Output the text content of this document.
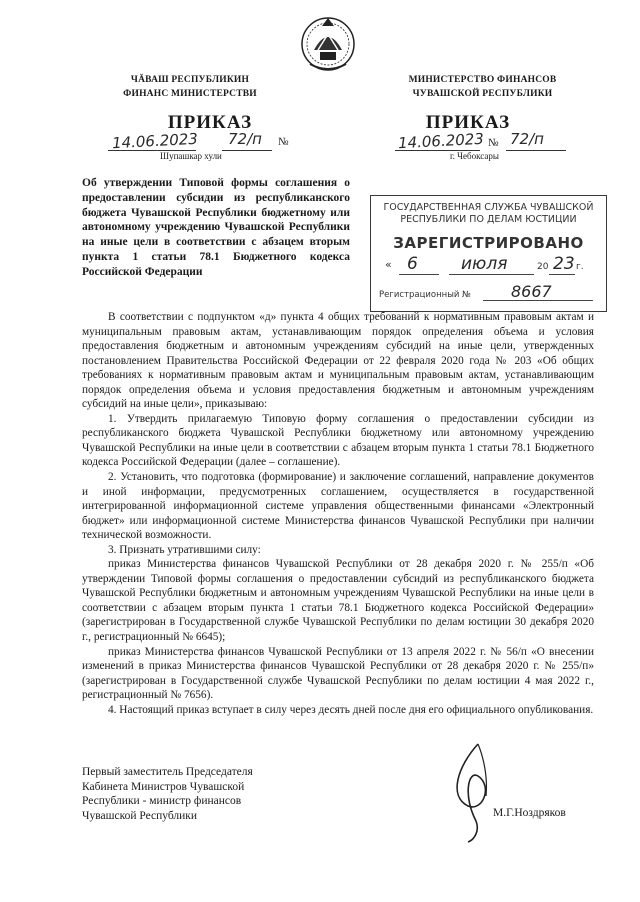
ЧĂВАШ РЕСПУБЛИКИН
ФИНАНС МИНИСТЕРСТВИ
МИНИСТЕРСТВО ФИНАНСОВ
ЧУВАШСКОЙ РЕСПУБЛИКИ
ПРИКАЗ	ПРИКАЗ
14.06.2023 72/п №
Шупашкар хули
14.06.2023 № 72/п
г. Чебоксары
Об утверждении Типовой формы соглашения о предоставлении субсидии из республиканского бюджета Чувашской Республики бюджетному или автономному учреждению Чувашской Республики на иные цели в соответствии с абзацем вторым пункта 1 статьи 78.1 Бюджетного кодекса Российской Федерации
ГОСУДАРСТВЕННАЯ СЛУЖБА ЧУВАШСКОЙ
РЕСПУБЛИКИ ПО ДЕЛАМ ЮСТИЦИИ
ЗАРЕГИСТРИРОВАНО
« 6	июля	20 23 г.
Регистрационный №	8667

В соответствии с подпунктом «д» пункта 4 общих требований к нормативным правовым актам и муниципальным правовым актам, устанавливающим порядок определения объема и условия предоставления бюджетным и автономным учреждениям субсидий на иные цели, утвержденных постановлением Правительства Российской Федерации от 22 февраля 2020 года № 203 «Об общих требованиях к нормативным правовым актам и муниципальным правовым актам, устанавливающим порядок определения объема и условия предоставления бюджетным и автономным учреждениям субсидий на иные цели», приказываю:

1. Утвердить прилагаемую Типовую форму соглашения о предоставлении субсидии из республиканского бюджета Чувашской Республики бюджетному или автономному учреждению Чувашской Республики на иные цели в соответствии с абзацем вторым пункта 1 статьи 78.1 Бюджетного кодекса Российской Федерации (далее – соглашение).

2. Установить, что подготовка (формирование) и заключение соглашений, направление документов и иной информации, предусмотренных соглашением, осуществляется в государственной интегрированной информационной системе управления общественными финансами «Электронный бюджет» или информационной системе Министерства финансов Чувашской Республики при наличии технической возможности.

3. Признать утратившими силу:

приказ Министерства финансов Чувашской Республики от 28 декабря 2020 г. № 255/п «Об утверждении Типовой формы соглашения о предоставлении субсидий из республиканского бюджета Чувашской Республики бюджетным и автономным учреждениям Чувашской Республики на иные цели в соответствии с абзацем вторым пункта 1 статьи 78.1 Бюджетного кодекса Российской Федерации» (зарегистрирован в Государственной службе Чувашской Республики по делам юстиции 30 декабря 2020 г., регистрационный № 6645);

приказ Министерства финансов Чувашской Республики от 13 апреля 2022 г. № 56/п «О внесении изменений в приказ Министерства финансов Чувашской Республики от 28 декабря 2020 г. № 255/п» (зарегистрирован в Государственной службе Чувашской Республики по делам юстиции 4 мая 2022 г., регистрационный № 7656).

4. Настоящий приказ вступает в силу через десять дней после дня его официального опубликования.

Первый заместитель Председателя
Кабинета Министров Чувашской
Республики - министр финансов
Чувашской Республики	М.Г.Ноздряков
